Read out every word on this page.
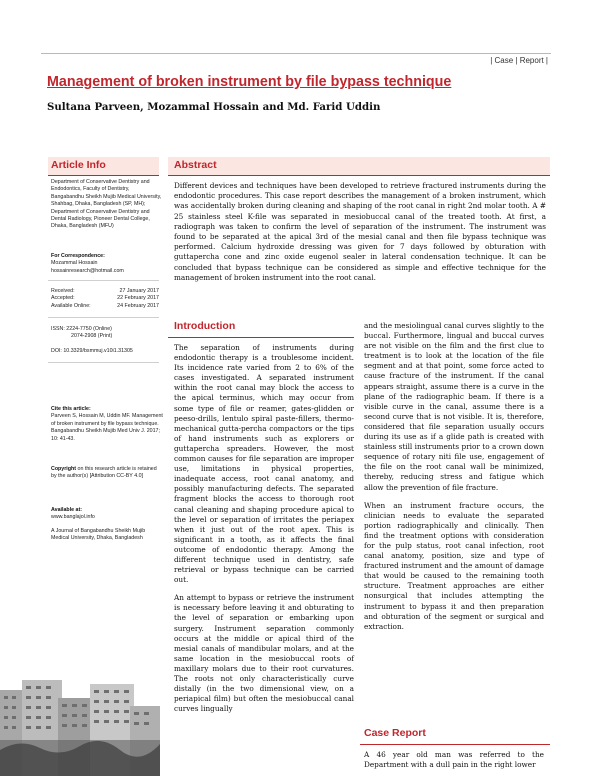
| Case | Report |
Management of broken instrument by file bypass technique
Sultana Parveen, Mozammal Hossain and Md. Farid Uddin
Article Info
Department of Conservative Dentistry and Endodontics, Faculty of Dentistry, Bangabandhu Sheikh Mujib Medical University, Shahbag, Dhaka, Bangladesh (SP, MH); Department of Conservative Dentistry and Dental Radiology, Pioneer Dental College, Dhaka, Bangladesh (MFU)
For Correspondence:
Mozammal Hossain
hossainresearch@hotmail.com
Received:	27 January 2017
Accepted:	22 February 2017
Available Online:	24 February 2017
ISSN: 2224-7750 (Online)
2074-2908 (Print)
DOI: 10.3329/bsmmuj.v10i1.31305
Cite this article:
Parveen S, Hossain M, Uddin MF. Management of broken instrument by file bypass technique. Bangabandhu Sheikh Mujib Med Univ J. 2017; 10: 41-43.
Copyright on this research article is retained by the author(s) [Attribution CC-BY 4.0]
Available at:
www.banglajol.info
A Journal of Bangabandhu Sheikh Mujib Medical University, Dhaka, Bangladesh
Abstract
Different devices and techniques have been developed to retrieve fractured instruments during the endodontic procedures. This case report describes the management of a broken instrument, which was accidentally broken during cleaning and shaping of the root canal in right 2nd molar tooth. A # 25 stainless steel K-file was separated in mesiobuccal canal of the treated tooth. At first, a radiograph was taken to confirm the level of separation of the instrument. The instrument was found to be separated at the apical 3rd of the mesial canal and then file bypass technique was performed. Calcium hydroxide dressing was given for 7 days followed by obturation with guttapercha cone and zinc oxide eugenol sealer in lateral condensation technique. It can be concluded that bypass technique can be considered as simple and effective technique for the management of broken instrument into the root canal.
Introduction

The separation of instruments during endodontic therapy is a troublesome incident. Its incidence rate varied from 2 to 6% of the cases investigated. A separated instrument within the root canal may block the access to the apical terminus, which may occur from some type of file or reamer, gates-glidden or peeso-drills, lentulo spiral paste-fillers, thermo-mechanical gutta-percha compactors or the tips of hand instruments such as explorers or guttapercha spreaders. However, the most common causes for file separation are improper use, limitations in physical properties, inadequate access, root canal anatomy, and possibly manufacturing defects. The separated fragment blocks the access to thorough root canal cleaning and shaping procedure apical to the level or separation of irritates the periapex when it just out of the root apex. This is significant in a tooth, as it affects the final outcome of endodontic therapy. Among the different technique used in dentistry, safe retrieval or bypass technique can be carried out.

An attempt to bypass or retrieve the instrument is necessary before leaving it and obturating to the level of separation or embarking upon surgery. Instrument separation commonly occurs at the middle or apical third of the mesial canals of mandibular molars, and at the same location in the mesiobuccal roots of maxillary molars due to their root curvatures. The roots not only characteristically curve distally (in the two dimensional view, on a periapical film) but often the mesiobuccal canal curves lingually

and the mesiolingual canal curves slightly to the buccal. Furthermore, lingual and buccal curves are not visible on the film and the first clue to treatment is to look at the location of the file segment and at that point, some force acted to cause fracture of the instrument. If the canal appears straight, assume there is a curve in the plane of the radiographic beam. If there is a visible curve in the canal, assume there is a second curve that is not visible. It is, therefore, considered that file separation usually occurs during its use as if a glide path is created with stainless still instruments prior to a crown down sequence of rotary niti file use, engagement of the file on the root canal wall be minimized, thereby, reducing stress and fatigue which allow the prevention of file fracture.

When an instrument fracture occurs, the clinician needs to evaluate the separated portion radiographically and clinically. Then find the treatment options with consideration for the pulp status, root canal infection, root canal anatomy, position, size and type of fractured instrument and the amount of damage that would be caused to the remaining tooth structure. Treatment approaches are either nonsurgical that includes attempting the instrument to bypass it and then preparation and obturation of the segment or surgical and extraction.

Case Report
A 46 year old man was referred to the Department with a dull pain in the right lower
